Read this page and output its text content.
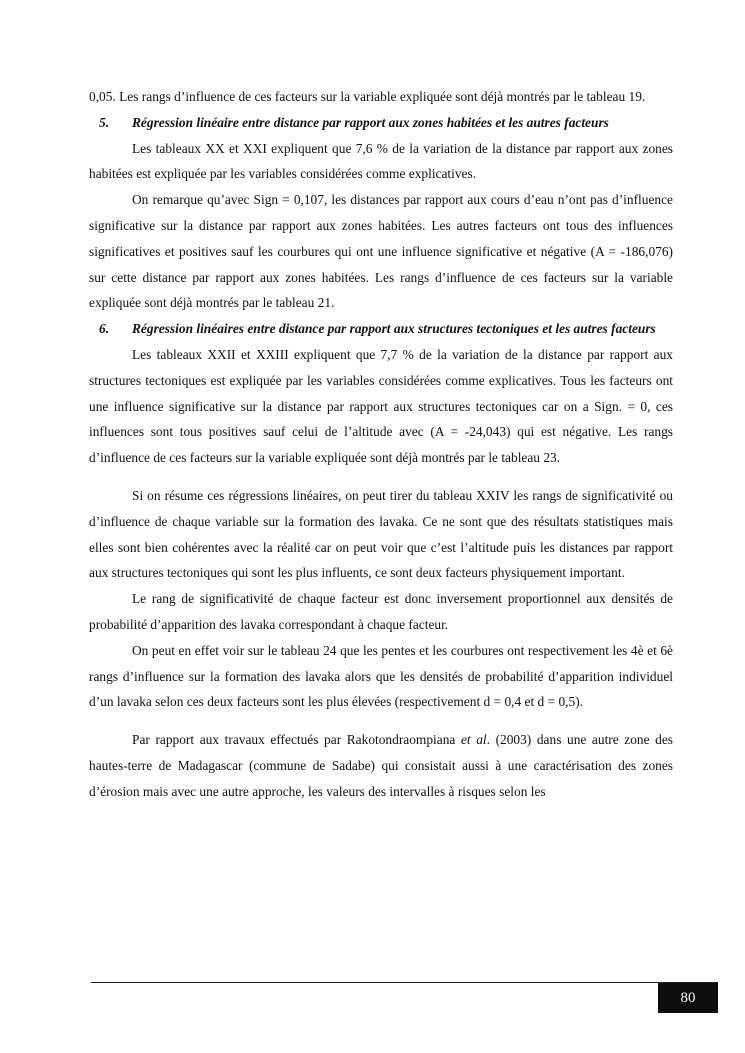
0,05. Les rangs d’influence de ces facteurs sur la variable expliquée sont déjà montrés par le tableau 19.

5.	Régression linéaire entre distance par rapport aux zones habitées et les autres facteurs

Les tableaux XX et XXI expliquent que 7,6 % de la variation de la distance par rapport aux zones habitées est expliquée par les variables considérées comme explicatives.

On remarque qu’avec Sign = 0,107, les distances par rapport aux cours d’eau n’ont pas d’influence significative sur la distance par rapport aux zones habitées. Les autres facteurs ont tous des influences significatives et positives sauf les courbures qui ont une influence significative et négative (A = -186,076) sur cette distance par rapport aux zones habitées. Les rangs d’influence de ces facteurs sur la variable expliquée sont déjà montrés par le tableau 21.

6.	Régression linéaires entre distance par rapport aux structures tectoniques et les autres facteurs

Les tableaux XXII et XXIII expliquent que 7,7 % de la variation de la distance par rapport aux structures tectoniques est expliquée par les variables considérées comme explicatives. Tous les facteurs ont une influence significative sur la distance par rapport aux structures tectoniques car on a Sign. = 0, ces influences sont tous positives sauf celui de l’altitude avec (A = -24,043) qui est négative. Les rangs d’influence de ces facteurs sur la variable expliquée sont déjà montrés par le tableau 23.

Si on résume ces régressions linéaires, on peut tirer du tableau XXIV les rangs de significativité ou d’influence de chaque variable sur la formation des lavaka. Ce ne sont que des résultats statistiques mais elles sont bien cohérentes avec la réalité car on peut voir que c’est l’altitude puis les distances par rapport aux structures tectoniques qui sont les plus influents, ce sont deux facteurs physiquement important.

Le rang de significativité de chaque facteur est donc inversement proportionnel aux densités de probabilité d’apparition des lavaka correspondant à chaque facteur.

On peut en effet voir sur le tableau 24 que les pentes et les courbures ont respectivement les 4è et 6è rangs d’influence sur la formation des lavaka alors que les densités de probabilité d’apparition individuel d’un lavaka selon ces deux facteurs sont les plus élevées (respectivement d = 0,4 et d = 0,5).

Par rapport aux travaux effectués par Rakotondraompiana et al. (2003) dans une autre zone des hautes-terre de Madagascar (commune de Sadabe) qui consistait aussi à une caractérisation des zones d’érosion mais avec une autre approche, les valeurs des intervalles à risques selon les

80
